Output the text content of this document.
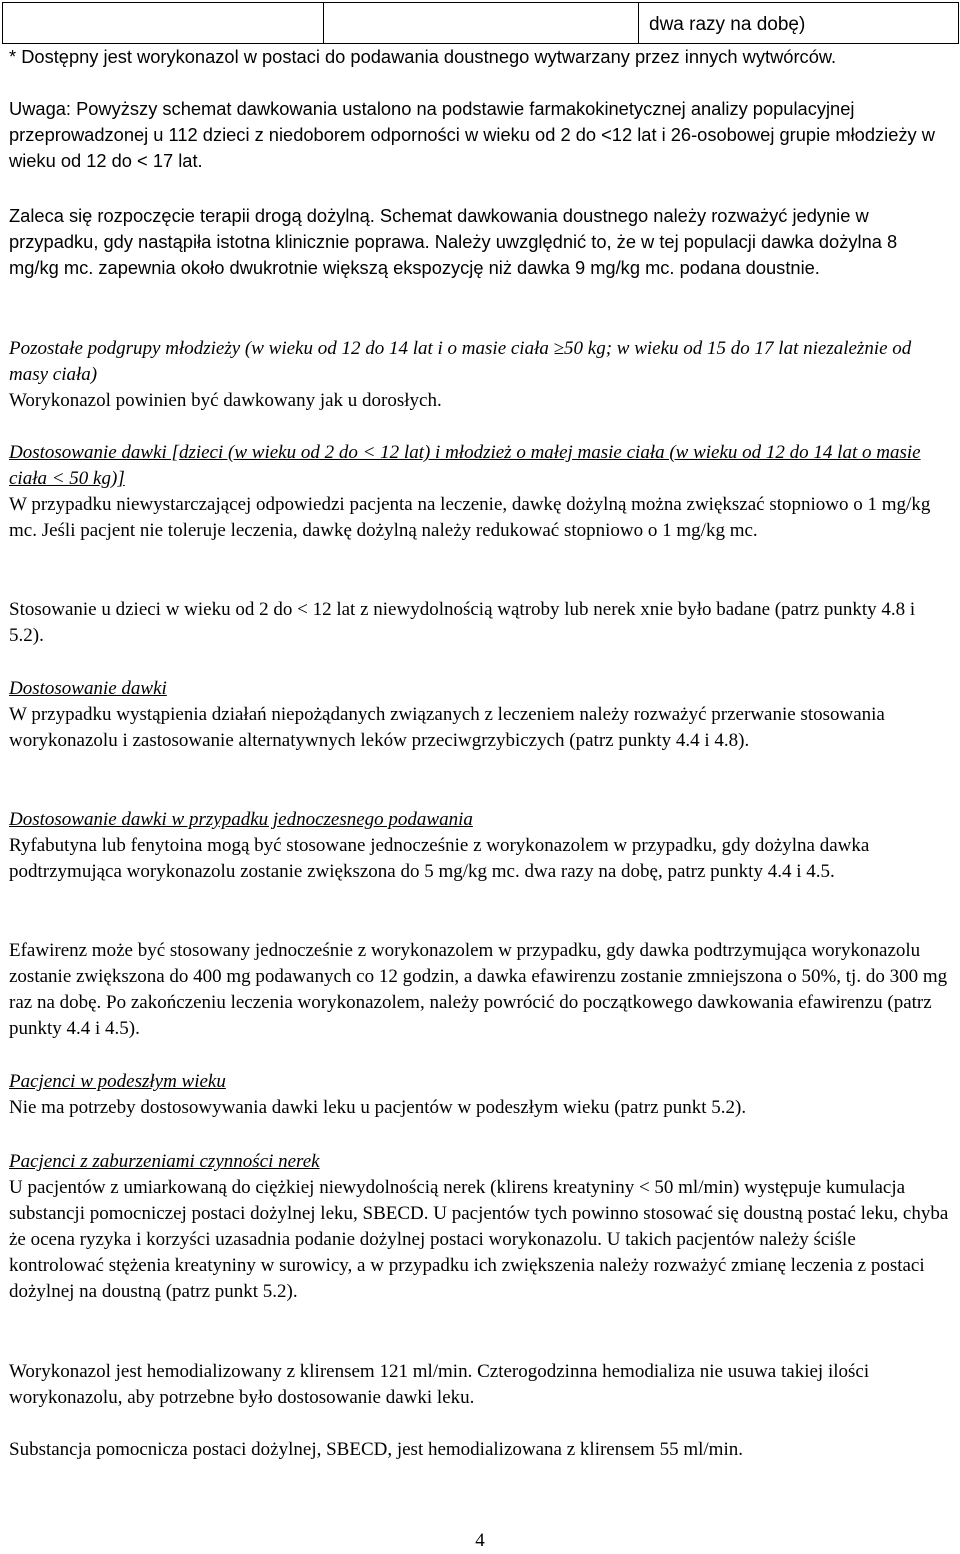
dwa razy na dobę)
* Dostępny jest worykonazol w postaci do podawania doustnego wytwarzany przez innych wytwórców.
Uwaga: Powyższy schemat dawkowania ustalono na podstawie farmakokinetycznej analizy populacyjnej przeprowadzonej u 112 dzieci z niedoborem odporności w wieku od 2 do <12 lat i 26-osobowej grupie młodzieży w wieku od 12 do < 17 lat.
Zaleca się rozpoczęcie terapii drogą dożylną. Schemat dawkowania doustnego należy rozważyć jedynie w przypadku, gdy nastąpiła istotna klinicznie poprawa. Należy uwzględnić to, że w tej populacji dawka dożylna 8 mg/kg mc. zapewnia około dwukrotnie większą ekspozycję niż dawka 9 mg/kg mc. podana doustnie.
Pozostałe podgrupy młodzieży (w wieku od 12 do 14 lat i o masie ciała ≥50 kg; w wieku od 15 do 17 lat niezależnie od masy ciała)
Worykonazol powinien być dawkowany jak u dorosłych.
Dostosowanie dawki [dzieci (w wieku od 2 do < 12 lat) i młodzież o małej masie ciała (w wieku od 12 do 14 lat o masie ciała < 50 kg)]
W przypadku niewystarczającej odpowiedzi pacjenta na leczenie, dawkę dożylną można zwiększać stopniowo o 1 mg/kg mc. Jeśli pacjent nie toleruje leczenia, dawkę dożylną należy redukować stopniowo o 1 mg/kg mc.
Stosowanie u dzieci w wieku od 2 do < 12 lat z niewydolnością wątroby lub nerek xnie było badane (patrz punkty 4.8 i 5.2).
Dostosowanie dawki
W przypadku wystąpienia działań niepożądanych związanych z leczeniem należy rozważyć przerwanie stosowania worykonazolu i zastosowanie alternatywnych leków przeciwgrzybiczych (patrz punkty 4.4 i 4.8).
Dostosowanie dawki w przypadku jednoczesnego podawania
Ryfabutyna lub fenytoina mogą być stosowane jednocześnie z worykonazolem w przypadku, gdy dożylna dawka podtrzymująca worykonazolu zostanie zwiększona do 5 mg/kg mc. dwa razy na dobę, patrz punkty 4.4 i 4.5.
Efawirenz może być stosowany jednocześnie z worykonazolem w przypadku, gdy dawka podtrzymująca worykonazolu zostanie zwiększona do 400 mg podawanych co 12 godzin, a dawka efawirenzu zostanie zmniejszona o 50%, tj. do 300 mg raz na dobę. Po zakończeniu leczenia worykonazolem, należy powrócić do początkowego dawkowania efawirenzu (patrz punkty 4.4 i 4.5).
Pacjenci w podeszłym wieku
Nie ma potrzeby dostosowywania dawki leku u pacjentów w podeszłym wieku (patrz punkt 5.2).
Pacjenci z zaburzeniami czynności nerek
U pacjentów z umiarkowaną do ciężkiej niewydolnością nerek (klirens kreatyniny < 50 ml/min) występuje kumulacja substancji pomocniczej postaci dożylnej leku, SBECD. U pacjentów tych powinno stosować się doustną postać leku, chyba że ocena ryzyka i korzyści uzasadnia podanie dożylnej postaci worykonazolu. U takich pacjentów należy ściśle kontrolować stężenia kreatyniny w surowicy, a w przypadku ich zwiększenia należy rozważyć zmianę leczenia z postaci dożylnej na doustną (patrz punkt 5.2).
Worykonazol jest hemodializowany z klirensem 121 ml/min. Czterogodzinna hemodializa nie usuwa takiej ilości worykonazolu, aby potrzebne było dostosowanie dawki leku.
Substancja pomocnicza postaci dożylnej, SBECD, jest hemodializowana z klirensem 55 ml/min.
4
